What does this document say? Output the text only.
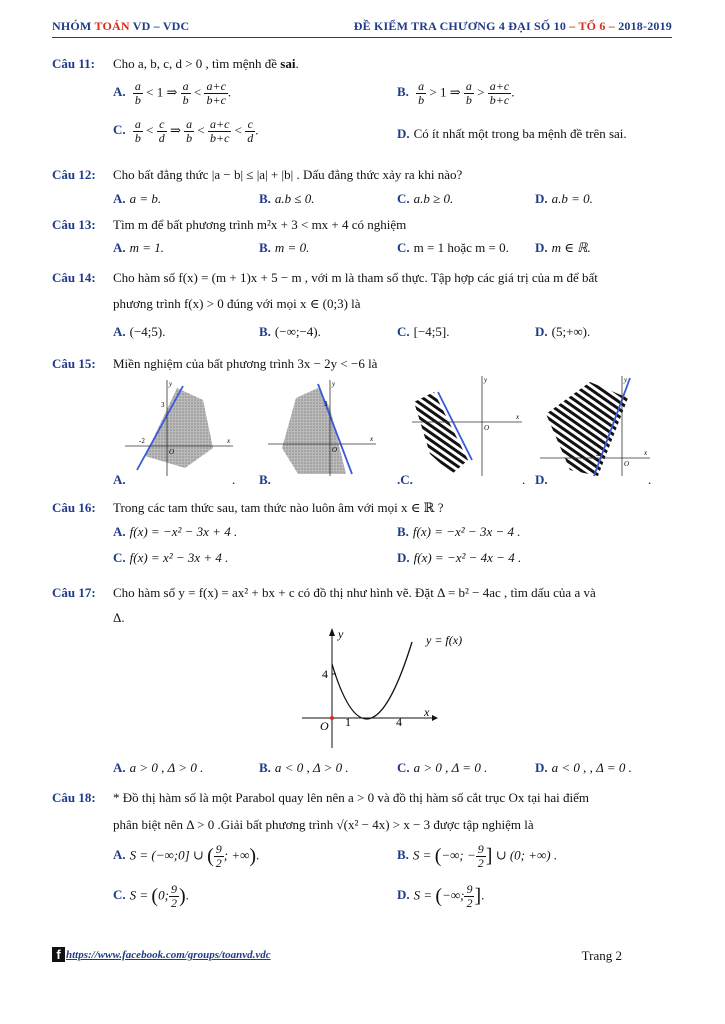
NHÓM TOÁN VD – VDC	ĐỀ KIỂM TRA CHƯƠNG 4 ĐẠI SỐ 10 – TỔ 6 – 2018-2019
Câu 11: Cho a, b, c, d > 0 , tìm mệnh đề sai.
A. $\frac{a}{b} < 1$ ⇒ $\frac{a}{b} < \frac{a+c}{b+c}$ .	B. $\frac{a}{b} > 1$ ⇒ $\frac{a}{b} > \frac{a+c}{b+c}$ .
C. $\frac{a}{b} < \frac{c}{d}$ ⇒ $\frac{a}{b} < \frac{a+c}{b+c} < \frac{c}{d}$ .	D. Có ít nhất một trong ba mệnh đề trên sai.
Câu 12: Cho bất đẳng thức |a − b| ≤ |a| + |b| . Dấu đẳng thức xảy ra khi nào?
A. a = b.	B. a.b ≤ 0.	C. a.b ≥ 0.	D. a.b = 0.
Câu 13: Tìm m để bất phương trình m²x + 3 < mx + 4 có nghiệm
A. m = 1.	B. m = 0.	C. m = 1 hoặc m = 0. D. m ∈ ℝ.
Câu 14: Cho hàm số f(x) = (m + 1)x + 5 − m , với m là tham số thực. Tập hợp các giá trị của m để bất
phương trình f(x) > 0 đúng với mọi x ∈ (0;3) là
A. (−4;5).	B. (−∞;−4).	C. [−4;5].	D. (5;+∞).
Câu 15: Miền nghiệm của bất phương trình 3x − 2y < −6 là
y
x
3
-2
O
A.	.
y
x
3
O
B.
y
x
O
.C.	.
y
x
2
O
D.	.
Câu 16: Trong các tam thức sau, tam thức nào luôn âm với mọi x ∈ ℝ ?
A. f(x) = −x² − 3x + 4 .	B. f(x) = −x² − 3x − 4 .
C. f(x) = x² − 3x + 4 .	D. f(x) = −x² − 4x − 4 .
Câu 17: Cho hàm số y = f(x) = ax² + bx + c có đồ thị như hình vẽ. Đặt Δ = b² − 4ac , tìm dấu của a và
Δ.
y
x
O 1	4
4
y = f(x)
A. a > 0 , Δ > 0 .	B. a < 0 , Δ > 0 .	C. a > 0 , Δ = 0 .	D. a < 0 , , Δ = 0 .
Câu 18: * Đồ thị hàm số là một Parabol quay lên nên a > 0 và đồ thị hàm số cắt trục Ox tại hai điểm
phân biệt nên Δ > 0 .Giải bất phương trình √(x² − 4x) > x − 3 được tập nghiệm là
A. S = (−∞;0] ∪ ( $\frac{9}{2}$ ; +∞).	B. S = (−∞; − $\frac{9}{2}$ ] ∪ (0; +∞) .
C. S = (0; $\frac{9}{2}$ ).	D. S = (−∞; $\frac{9}{2}$ ].
f https://www.facebook.com/groups/toanvd.vdc	Trang 2
